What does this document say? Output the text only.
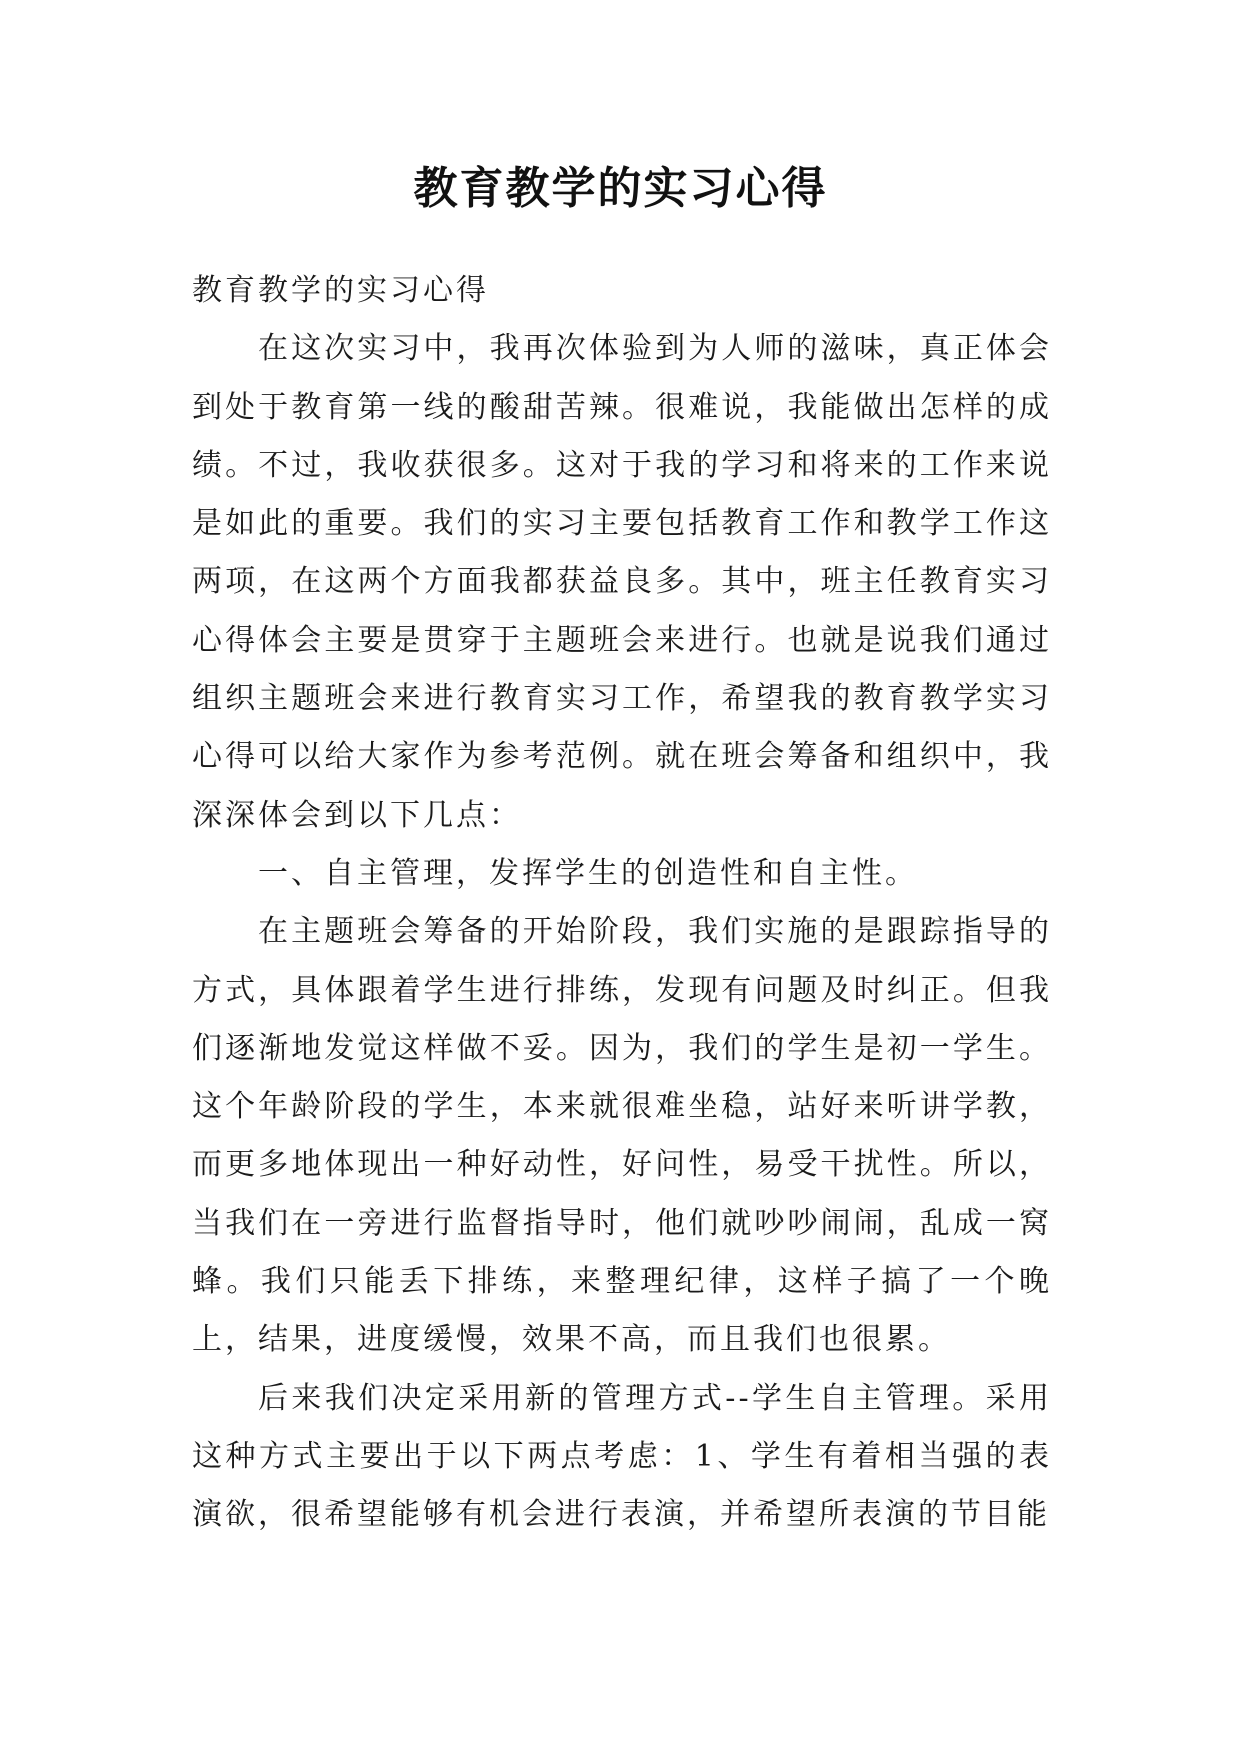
教育教学的实习心得

教育教学的实习心得

在这次实习中，我再次体验到为人师的滋味，真正体会到处于教育第一线的酸甜苦辣。很难说，我能做出怎样的成绩。不过，我收获很多。这对于我的学习和将来的工作来说是如此的重要。我们的实习主要包括教育工作和教学工作这两项，在这两个方面我都获益良多。其中，班主任教育实习心得体会主要是贯穿于主题班会来进行。也就是说我们通过组织主题班会来进行教育实习工作，希望我的教育教学实习心得可以给大家作为参考范例。就在班会筹备和组织中，我深深体会到以下几点：

一、自主管理，发挥学生的创造性和自主性。

在主题班会筹备的开始阶段，我们实施的是跟踪指导的方式，具体跟着学生进行排练，发现有问题及时纠正。但我们逐渐地发觉这样做不妥。因为，我们的学生是初一学生。这个年龄阶段的学生，本来就很难坐稳，站好来听讲学教，而更多地体现出一种好动性，好问性，易受干扰性。所以，当我们在一旁进行监督指导时，他们就吵吵闹闹，乱成一窝蜂。我们只能丢下排练，来整理纪律，这样子搞了一个晚上，结果，进度缓慢，效果不高，而且我们也很累。

后来我们决定采用新的管理方式--学生自主管理。采用这种方式主要出于以下两点考虑：1、学生有着相当强的表演欲，很希望能够有机会进行表演，并希望所表演的节目能
